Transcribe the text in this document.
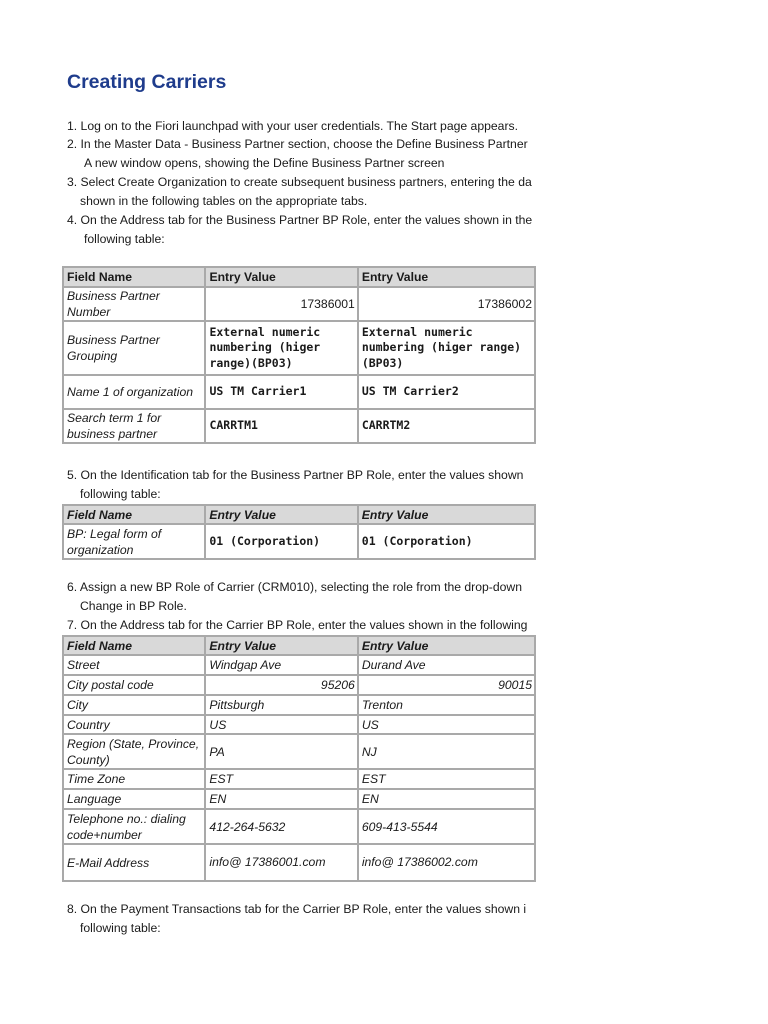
Creating Carriers

1. Log on to the Fiori launchpad with your user credentials. The Start page appears.

2. In the Master Data - Business Partner section, choose the Define Business Partner

A new window opens, showing the Define Business Partner screen

3. Select Create Organization to create subsequent business partners, entering the da

shown in the following tables on the appropriate tabs.

4. On the Address tab for the Business Partner BP Role, enter the values shown in the

following table:

Field Name	Entry Value	Entry Value
Business Partner Number	17386001	17386002
Business Partner Grouping	External numeric numbering (higer range)(BP03)	External numeric numbering (higer range)(BP03)
Name 1 of organization	US TM Carrier1	US TM Carrier2
Search term 1 for business partner	CARRTM1	CARRTM2

5. On the Identification tab for the Business Partner BP Role, enter the values shown

following table:

Field Name	Entry Value	Entry Value
BP: Legal form of organization	01 (Corporation)	01 (Corporation)

6. Assign a new BP Role of Carrier (CRM010), selecting the role from the drop-down

Change in BP Role.

7. On the Address tab for the Carrier BP Role, enter the values shown in the following

Field Name	Entry Value	Entry Value
Street	Windgap Ave	Durand Ave
City postal code	95206	90015
City	Pittsburgh	Trenton
Country	US	US
Region (State, Province, County)	PA	NJ
Time Zone	EST	EST
Language	EN	EN
Telephone no.: dialing code+number	412-264-5632	609-413-5544
E-Mail Address	info@ 17386001.com	info@ 17386002.com

8. On the Payment Transactions tab for the Carrier BP Role, enter the values shown i

following table:
